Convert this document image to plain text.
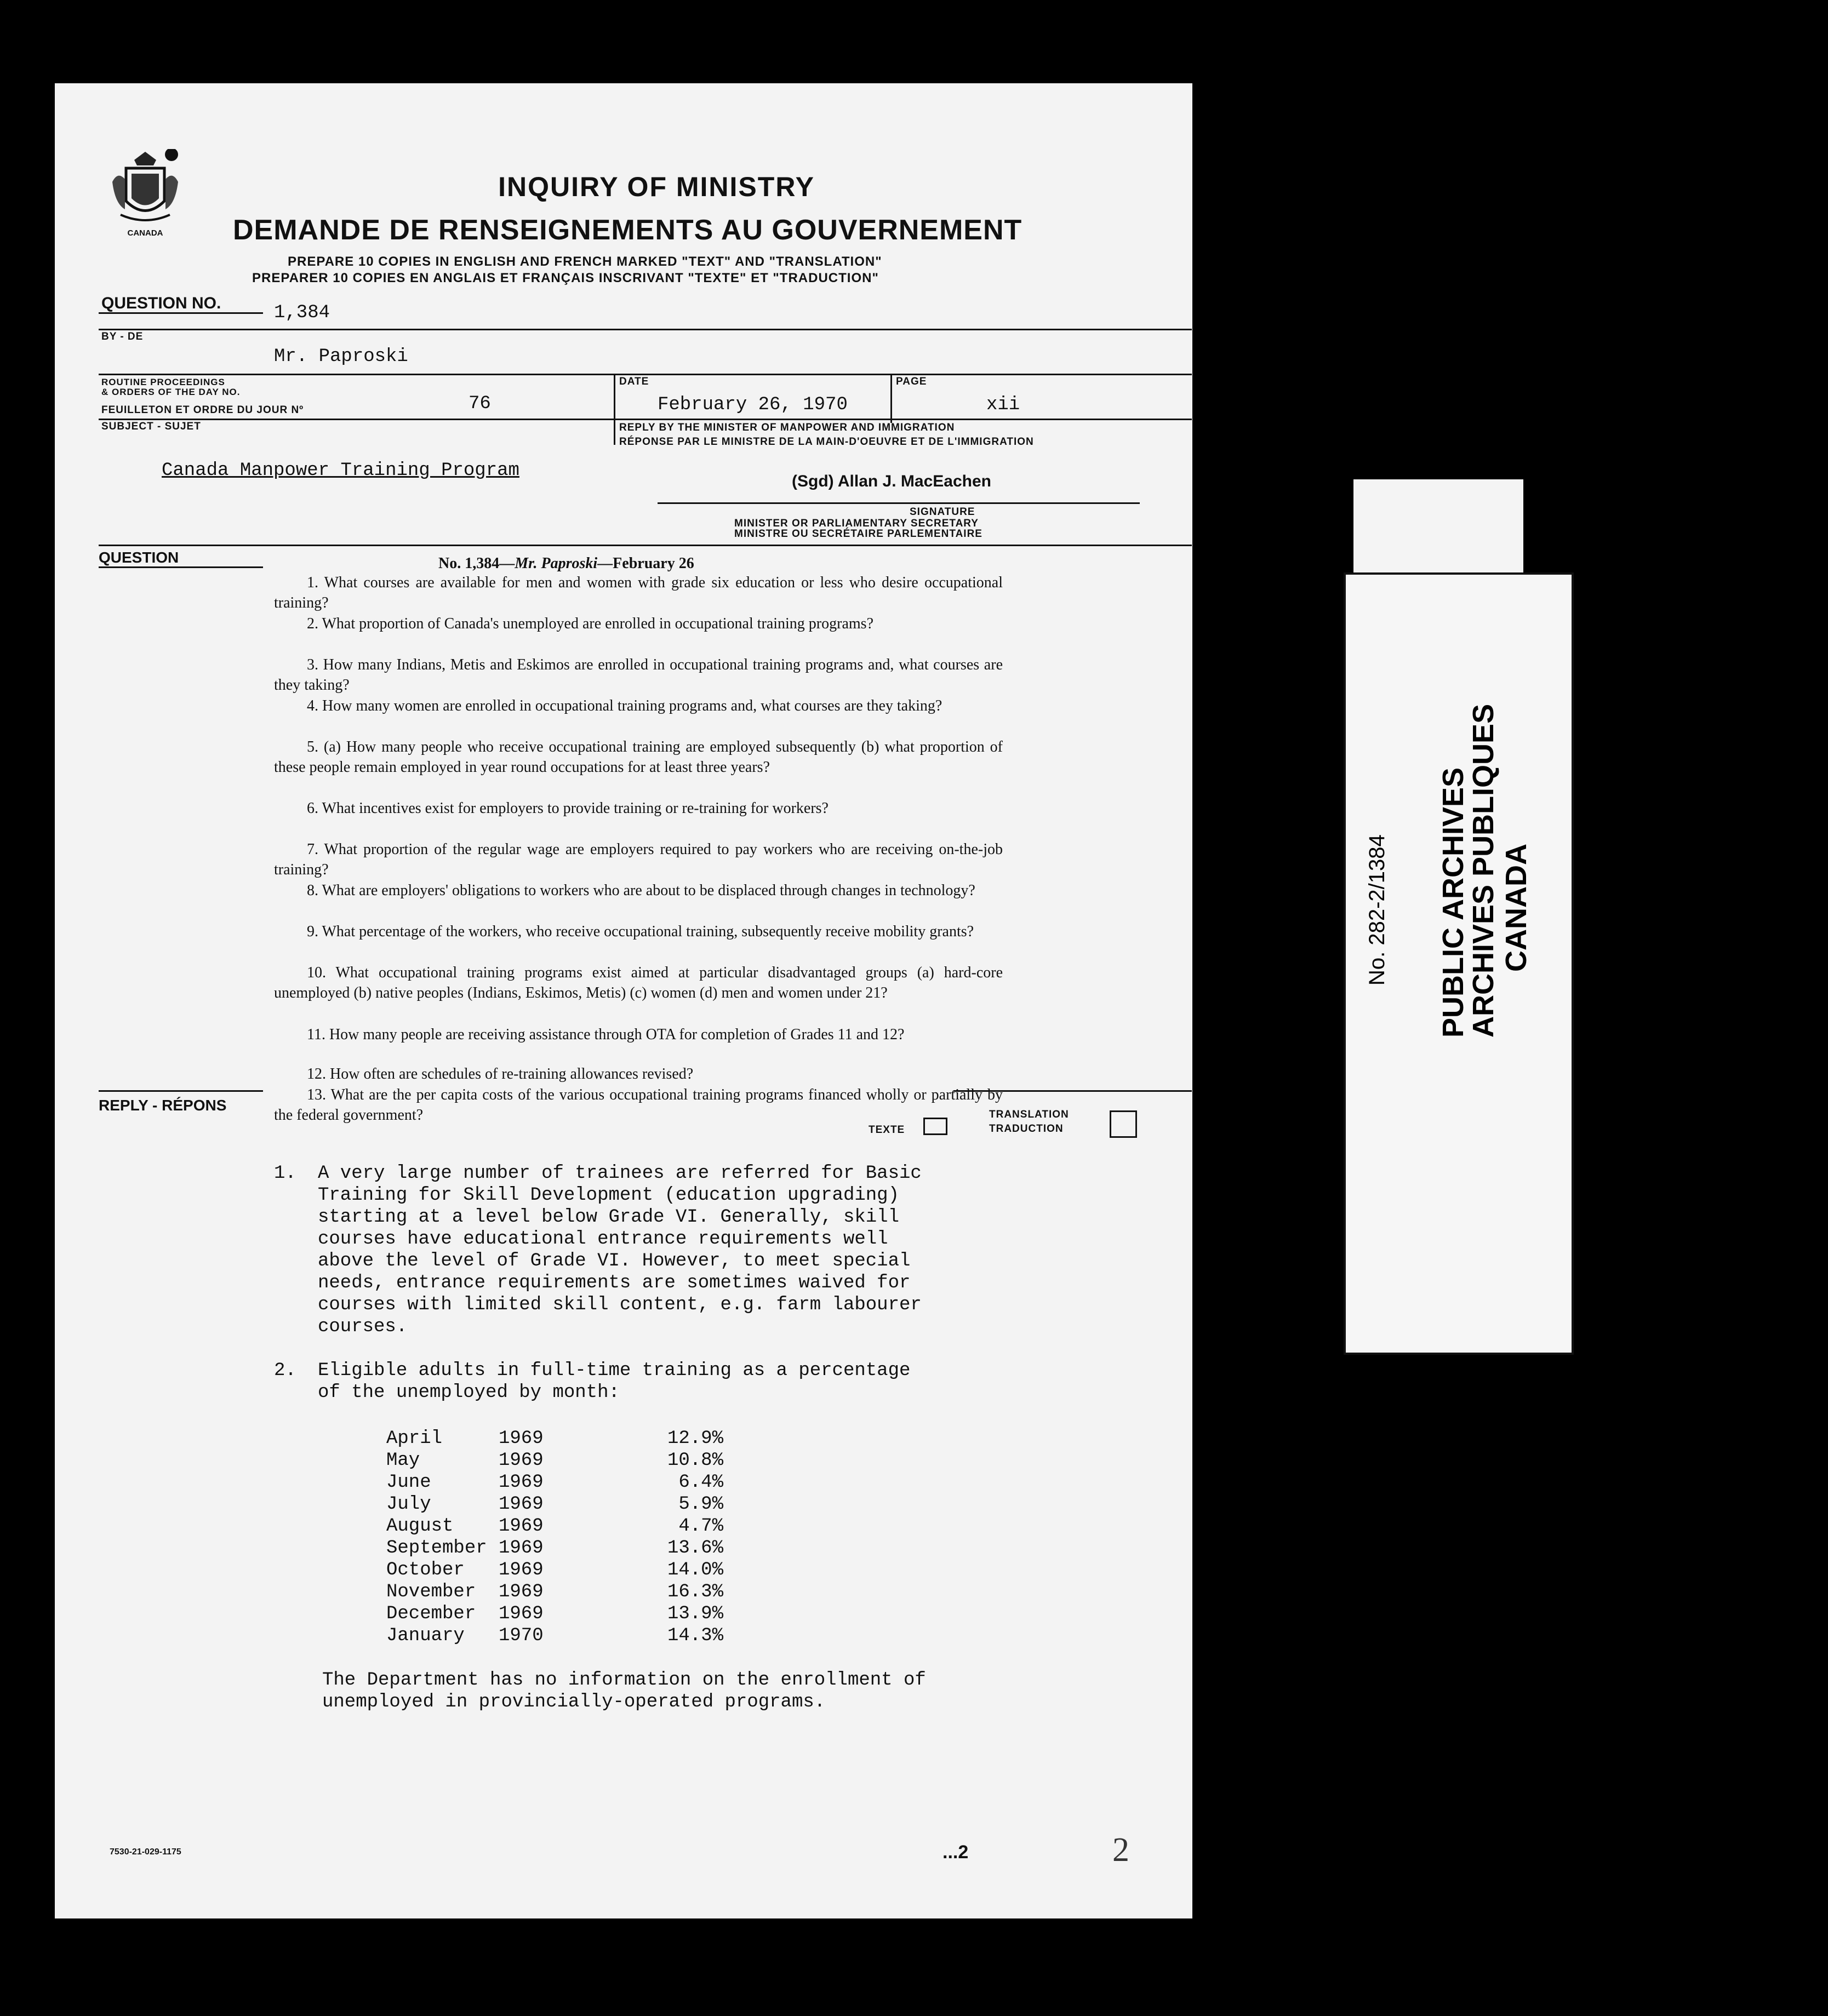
CANADA
INQUIRY OF MINISTRY
DEMANDE DE RENSEIGNEMENTS AU GOUVERNEMENT
PREPARE 10 COPIES IN ENGLISH AND FRENCH MARKED "TEXT" AND "TRANSLATION"
PREPARER 10 COPIES EN ANGLAIS ET FRANÇAIS INSCRIVANT "TEXTE" ET "TRADUCTION"
QUESTION NO.	1,384
BY - DE
Mr. Paproski
ROUTINE PROCEEDINGS
& ORDERS OF THE DAY NO.
FEUILLETON ET ORDRE DU JOUR Nº	76
DATE
February 26, 1970
PAGE
xii
SUBJECT - SUJET	REPLY BY THE MINISTER OF MANPOWER AND IMMIGRATION
RÉPONSE PAR LE MINISTRE DE LA MAIN-D'OEUVRE ET DE L'IMMIGRATION
Canada Manpower Training Program
(Sgd) Allan J. MacEachen
SIGNATURE
MINISTER OR PARLIAMENTARY SECRETARY
MINISTRE OU SECRÉTAIRE PARLEMENTAIRE
QUESTION	No. 1,384—Mr. Paproski—February 26
1. What courses are available for men and women with grade six education or less who desire occupational training?
2. What proportion of Canada's unemployed are enrolled in occupational training programs?
3. How many Indians, Metis and Eskimos are enrolled in occupational training programs and, what courses are they taking?
4. How many women are enrolled in occupational training programs and, what courses are they taking?
5. (a) How many people who receive occupational training are employed subsequently (b) what proportion of these people remain employed in year round occupations for at least three years?
6. What incentives exist for employers to provide training or re-training for workers?
7. What proportion of the regular wage are employers required to pay workers who are receiving on-the-job training?
8. What are employers' obligations to workers who are about to be displaced through changes in technology?
9. What percentage of the workers, who receive occupational training, subsequently receive mobility grants?
10. What occupational training programs exist aimed at particular disadvantaged groups (a) hard-core unemployed (b) native peoples (Indians, Eskimos, Metis) (c) women (d) men and women under 21?
11. How many people are receiving assistance through OTA for completion of Grades 11 and 12?
12. How often are schedules of re-training allowances revised?
13. What are the per capita costs of the various occupational training programs financed wholly or partially by the federal government?
REPLY - RÉPONS
TEXTE
TRANSLATION
TRADUCTION
1. A very large number of trainees are referred for Basic
Training for Skill Development (education upgrading)
starting at a level below Grade VI. Generally, skill
courses have educational entrance requirements well
above the level of Grade VI. However, to meet special
needs, entrance requirements are sometimes waived for
courses with limited skill content, e.g. farm labourer
courses.
2. Eligible adults in full-time training as a percentage
of the unemployed by month:
April	1969	12.9%
May	1969	10.8%
June	1969	6.4%
July	1969	5.9%
August 1969	4.7%
September 1969	13.6%
October 1969	14.0%
November 1969	16.3%
December 1969	13.9%
January 1970	14.3%
The Department has no information on the enrollment of
unemployed in provincially-operated programs.
7530-21-029-1175	...2	2
No. 282-2/1384 PUBLIC ARCHIVES
ARCHIVES PUBLIQUES CANADA
